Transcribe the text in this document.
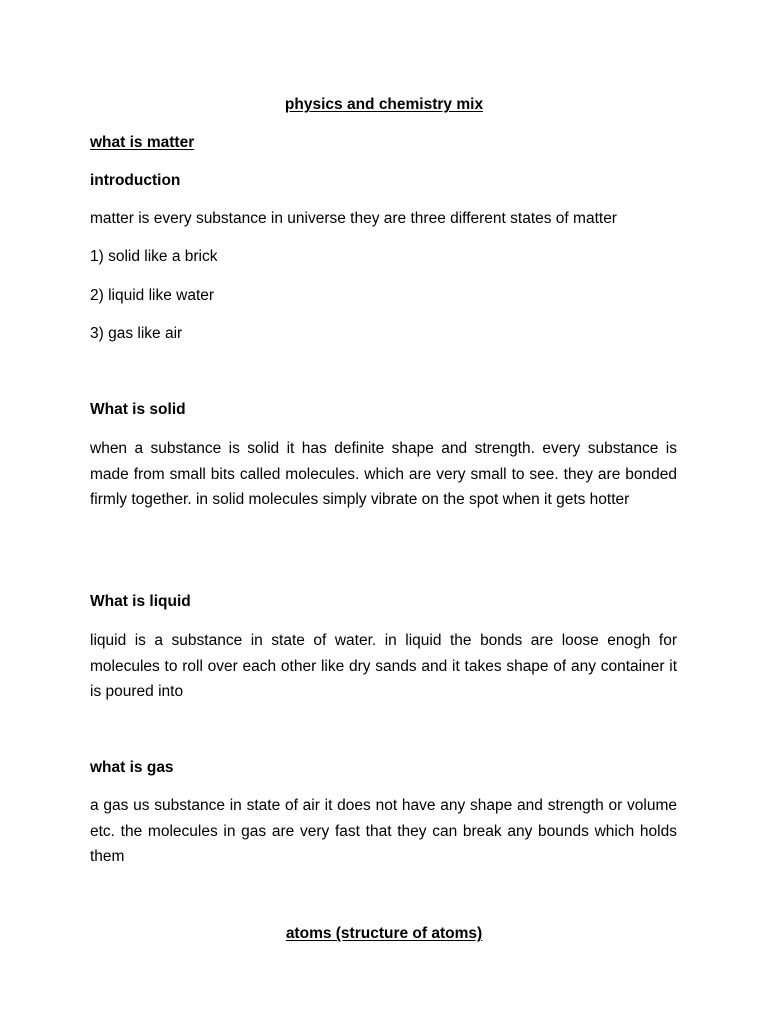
physics and chemistry mix

what is matter

introduction

matter is every substance in universe they are three different states of matter

1) solid like a brick

2) liquid like water

3) gas like air

What is solid

when a substance is solid it has definite shape and strength. every substance is made from small bits called molecules. which are very small to see. they are bonded firmly together. in solid molecules simply vibrate on the spot when it gets hotter

What is liquid

liquid is a substance in state of water. in liquid the bonds are loose enogh for molecules to roll over each other like dry sands and it takes shape of any container it is poured into

what is gas

a gas us substance in state of air it does not have any shape and strength or volume etc. the molecules in gas are very fast that they can break any bounds which holds them

atoms (structure of atoms)
